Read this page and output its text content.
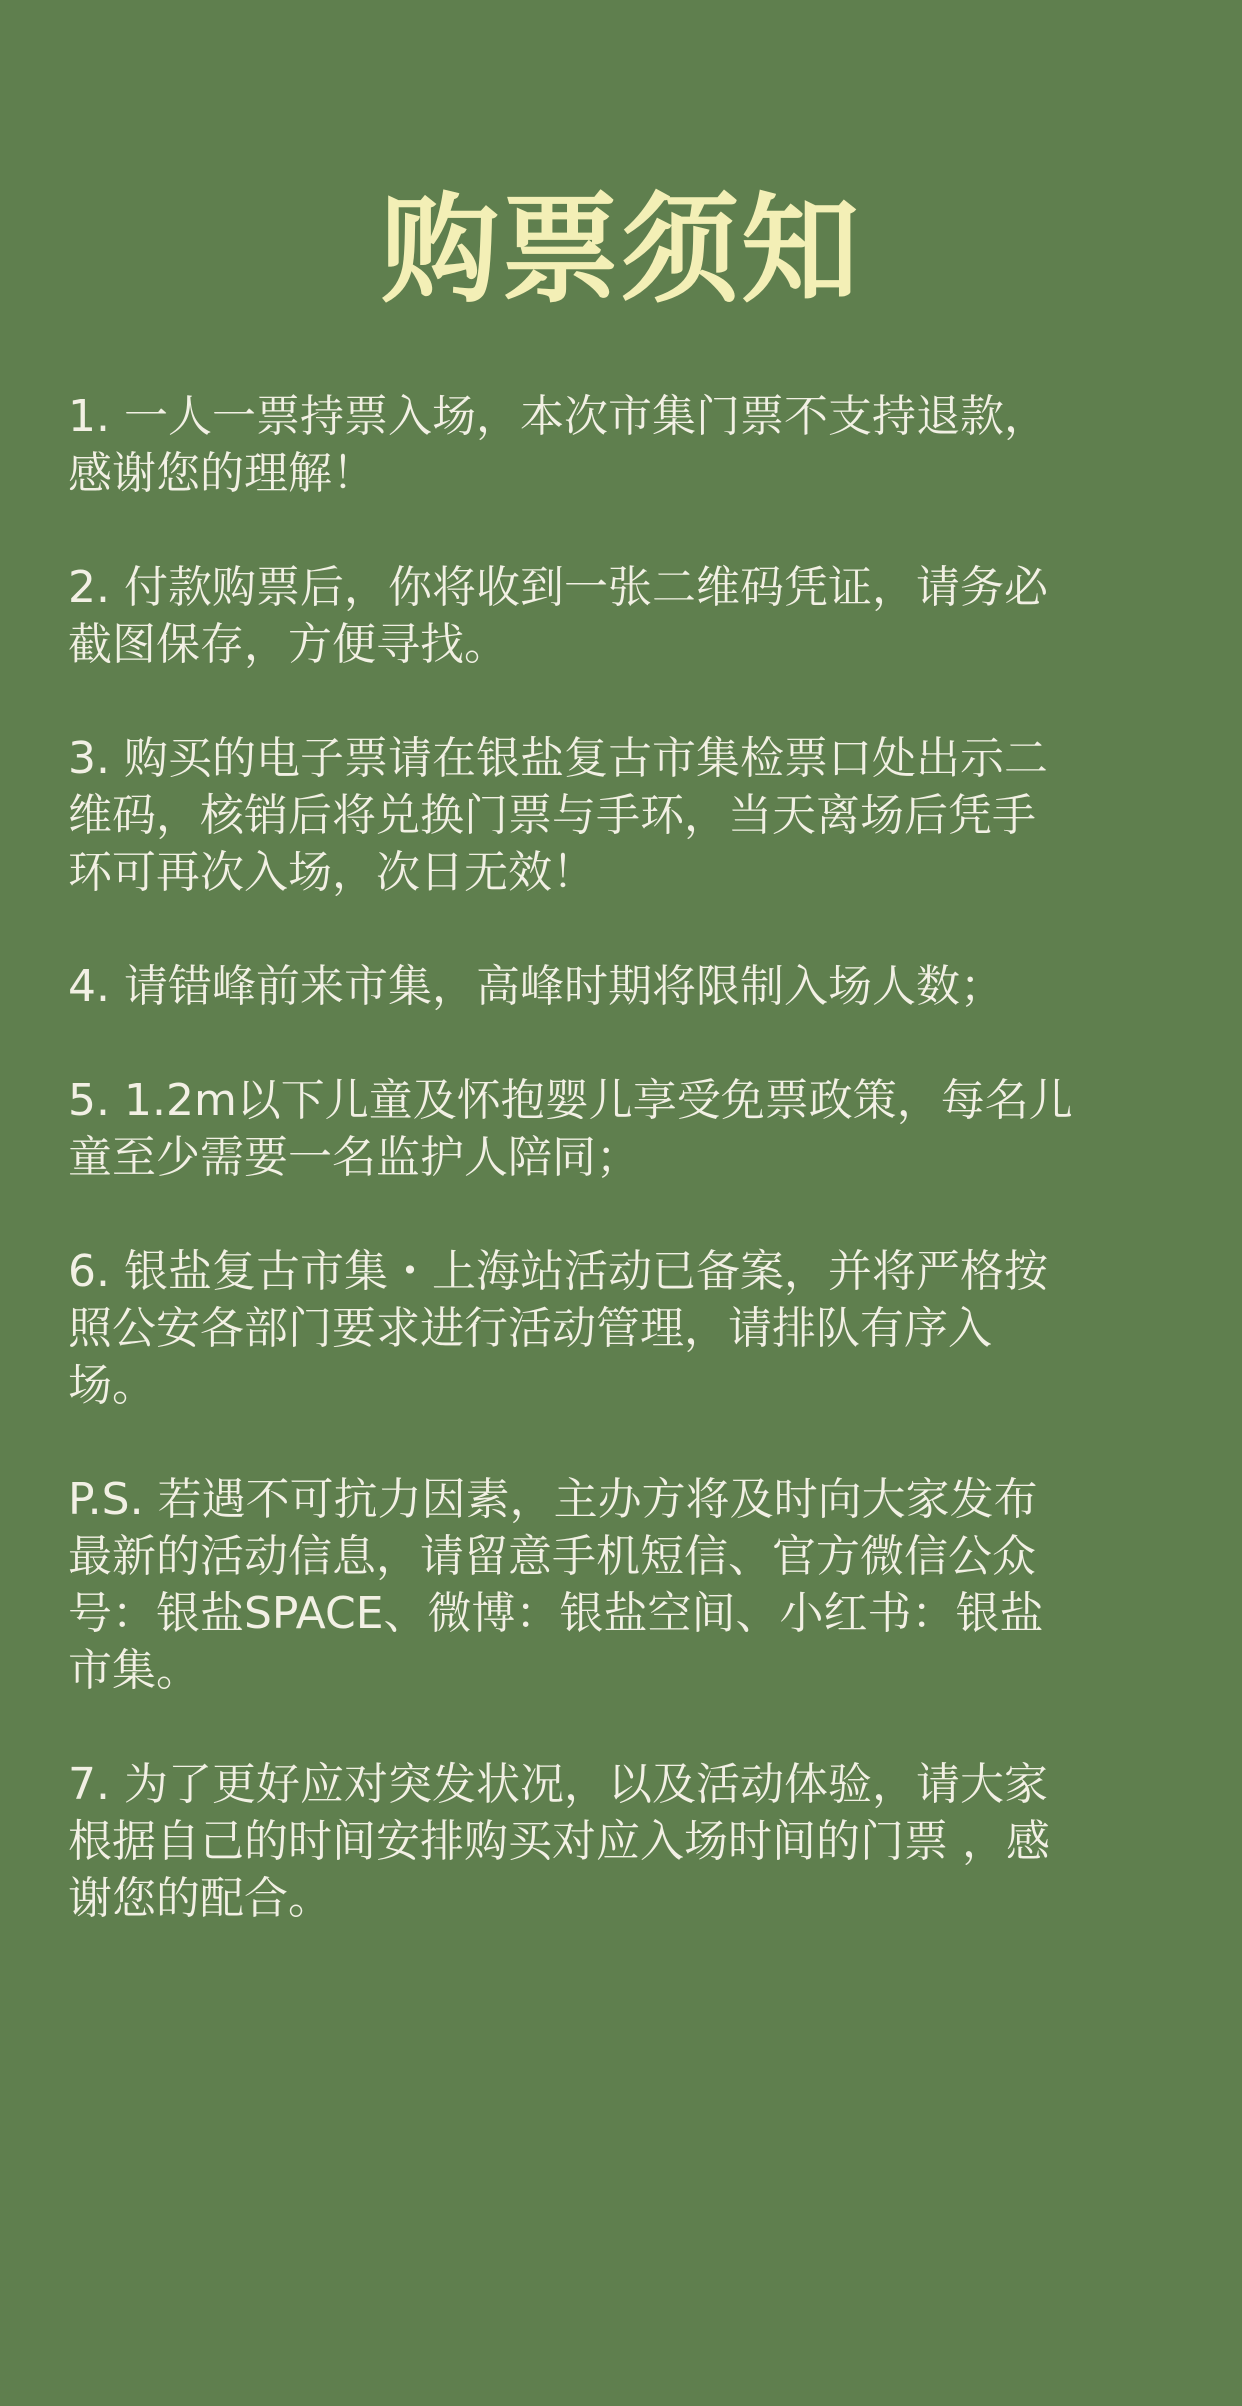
购票须知

1. 一人一票持票入场，本次市集门票不支持退款，
感谢您的理解！

2. 付款购票后，你将收到一张二维码凭证，请务必
截图保存，方便寻找。

3. 购买的电子票请在银盐复古市集检票口处出示二
维码，核销后将兑换门票与手环，当天离场后凭手
环可再次入场，次日无效！

4. 请错峰前来市集，高峰时期将限制入场人数；

5. 1.2m以下儿童及怀抱婴儿享受免票政策，每名儿
童至少需要一名监护人陪同；

6. 银盐复古市集・上海站活动已备案，并将严格按
照公安各部门要求进行活动管理，请排队有序入
场。

P.S. 若遇不可抗力因素，主办方将及时向大家发布
最新的活动信息，请留意手机短信、官方微信公众
号：银盐SPACE、微博：银盐空间、小红书：银盐
市集。

7. 为了更好应对突发状况，以及活动体验，请大家
根据自己的时间安排购买对应入场时间的门票 ，感
谢您的配合。
